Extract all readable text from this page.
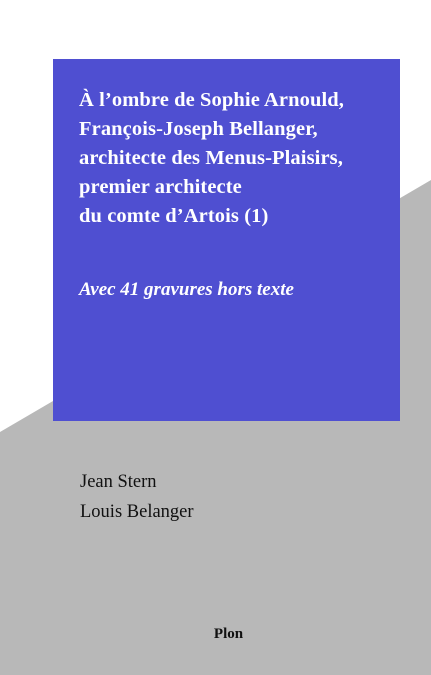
À l’ombre de Sophie Arnould,
François-Joseph Bellanger,
architecte des Menus-Plaisirs,
premier architecte
du comte d’Artois (1)

Avec 41 gravures hors texte

Jean Stern
Louis Belanger
Plon
